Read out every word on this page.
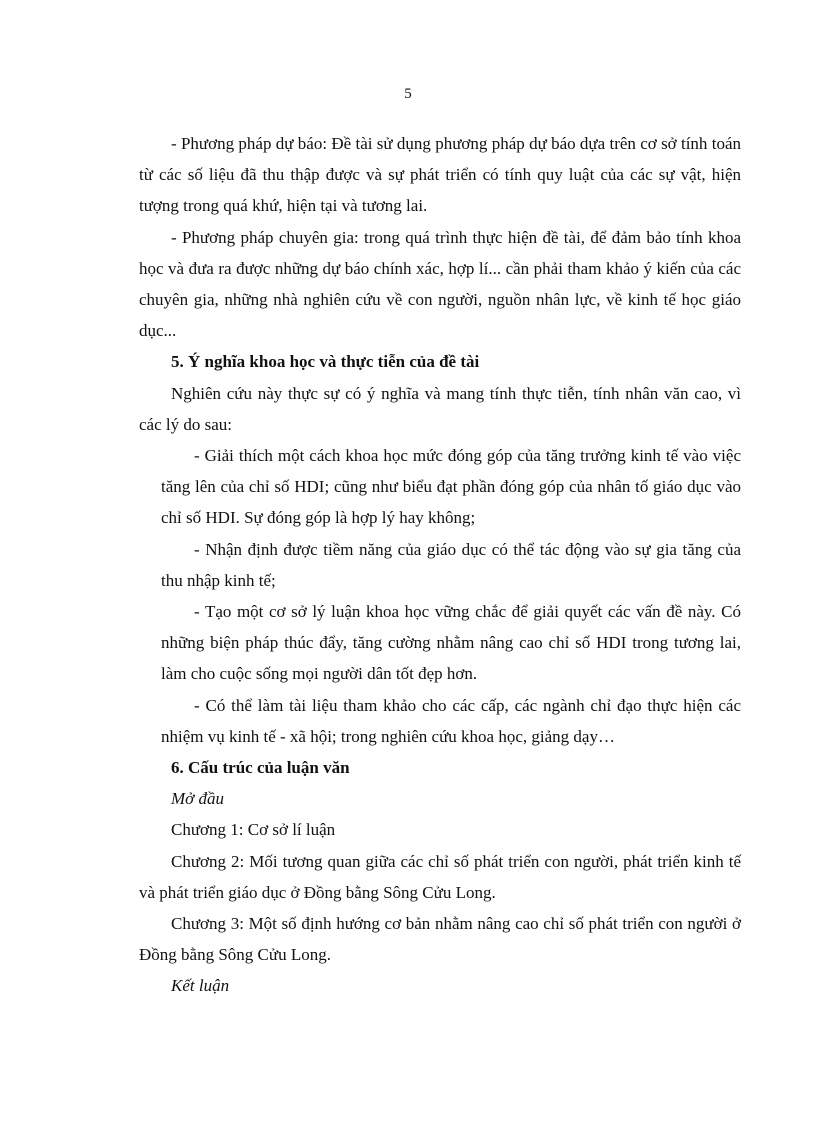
5

- Phương pháp dự báo: Đề tài sử dụng phương pháp dự báo dựa trên cơ sở tính toán từ các số liệu đã thu thập được và sự phát triển có tính quy luật của các sự vật, hiện tượng trong quá khứ, hiện tại và tương lai.

- Phương pháp chuyên gia: trong quá trình thực hiện đề tài, để đảm bảo tính khoa học và đưa ra được những dự báo chính xác, hợp lí... cần phải tham khảo ý kiến của các chuyên gia, những nhà nghiên cứu về con người, nguồn nhân lực, về kinh tế học giáo dục...

5. Ý nghĩa khoa học và thực tiễn của đề tài

Nghiên cứu này thực sự có ý nghĩa và mang tính thực tiễn, tính nhân văn cao, vì các lý do sau:

- Giải thích một cách khoa học mức đóng góp của tăng trưởng kinh tế vào việc tăng lên của chỉ số HDI; cũng như biểu đạt phần đóng góp của nhân tố giáo dục vào chỉ số HDI. Sự đóng góp là hợp lý hay không;

- Nhận định được tiềm năng của giáo dục có thể tác động vào sự gia tăng của thu nhập kinh tế;

- Tạo một cơ sở lý luận khoa học vững chắc để giải quyết các vấn đề này. Có những biện pháp thúc đẩy, tăng cường nhằm nâng cao chỉ số HDI trong tương lai, làm cho cuộc sống mọi người dân tốt đẹp hơn.

- Có thể làm tài liệu tham khảo cho các cấp, các ngành chỉ đạo thực hiện các nhiệm vụ kinh tế - xã hội; trong nghiên cứu khoa học, giảng dạy…

6. Cấu trúc của luận văn

Mở đầu

Chương 1: Cơ sở lí luận

Chương 2: Mối tương quan giữa các chỉ số phát triển con người, phát triển kinh tế và phát triển giáo dục ở Đồng bằng Sông Cửu Long.

Chương 3: Một số định hướng cơ bản nhằm nâng cao chỉ số phát triển con người ở Đồng bằng Sông Cửu Long.

Kết luận
